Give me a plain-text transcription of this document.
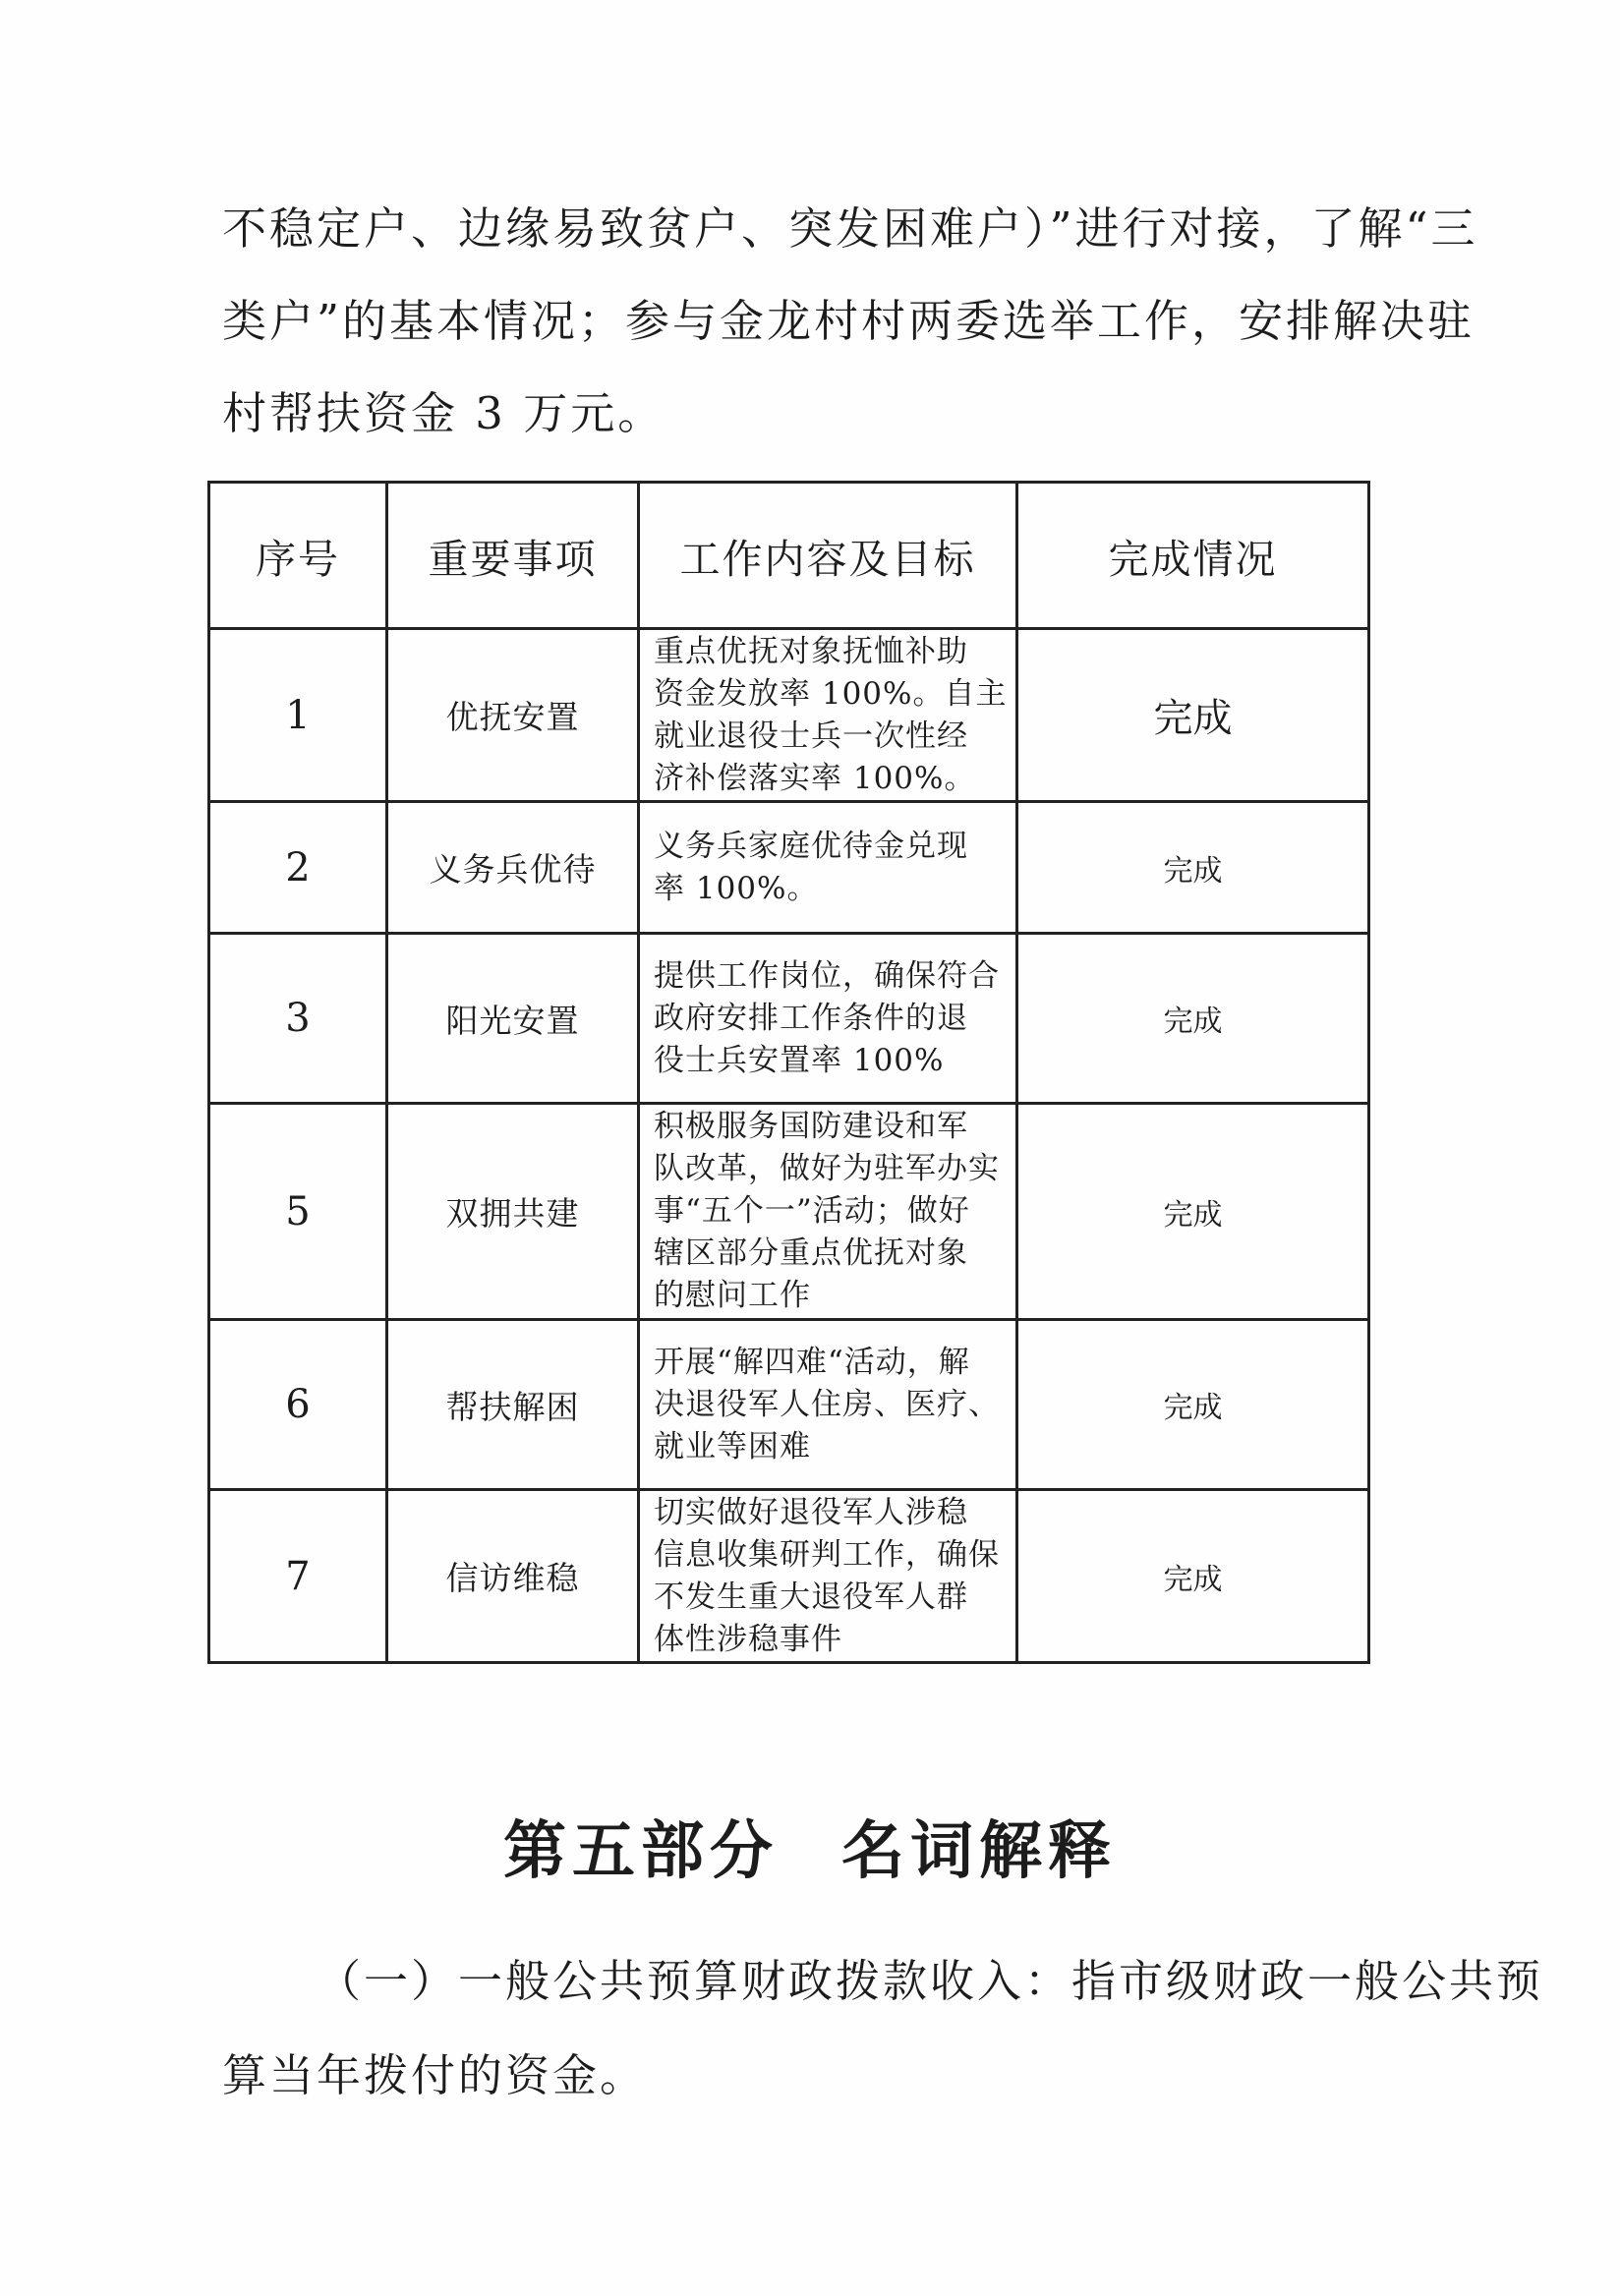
不稳定户、边缘易致贫户、突发困难户）”进行对接，了解“三

类户”的基本情况；参与金龙村村两委选举工作，安排解决驻

村帮扶资金 3 万元。

序号	重要事项	工作内容及目标	完成情况
1	优抚安置	重点优抚对象抚恤补助
资金发放率 100%。自主
就业退役士兵一次性经
济补偿落实率 100%。	完成
2	义务兵优待	义务兵家庭优待金兑现
率 100%。	完成
3	阳光安置	提供工作岗位，确保符合
政府安排工作条件的退
役士兵安置率 100%	完成
5	双拥共建	积极服务国防建设和军
队改革，做好为驻军办实
事“五个一”活动；做好
辖区部分重点优抚对象
的慰问工作	完成
6	帮扶解困	开展“解四难“活动，解
决退役军人住房、医疗、
就业等困难	完成
7	信访维稳	切实做好退役军人涉稳
信息收集研判工作，确保
不发生重大退役军人群
体性涉稳事件	完成
第五部分 名词解释

（一）一般公共预算财政拨款收入：指市级财政一般公共预

算当年拨付的资金。
